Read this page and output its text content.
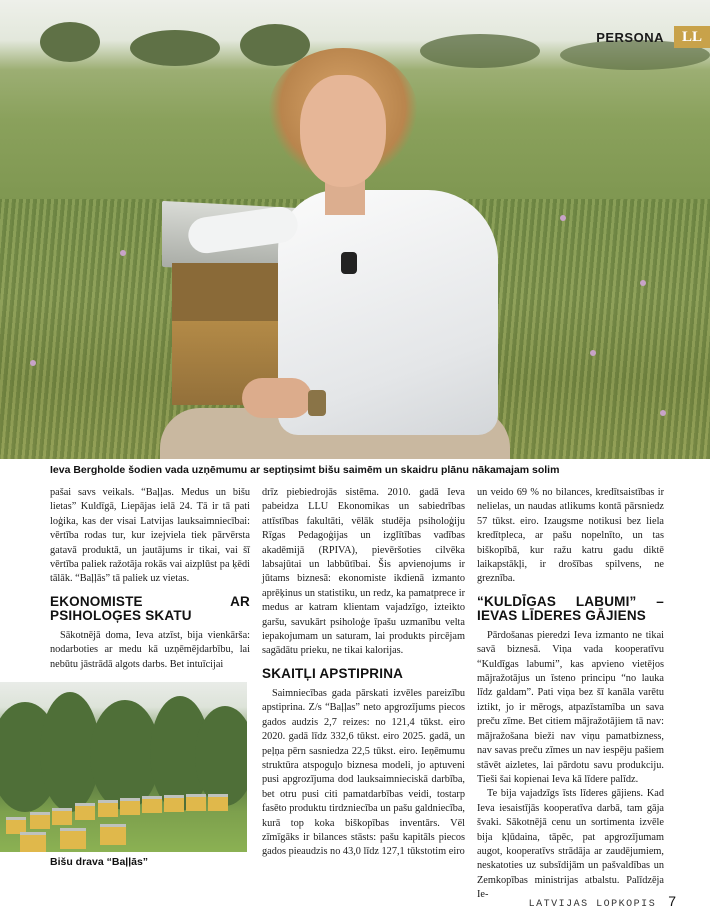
PERSONA	LL
Ieva Bergholde šodien vada uzņēmumu ar septiņsimt bišu saimēm un skaidru plānu nākamajam solim

pašai savs veikals. “Baļļas. Medus un bišu lietas” Kuldīgā, Liepājas ielā 24. Tā ir tā pati loģika, kas der visai Latvijas lauksaimniecībai: vērtība rodas tur, kur izejviela tiek pārvērsta gatavā produktā, un jautājums ir tikai, vai šī vērtība paliek ražotāja rokās vai aizplūst pa ķēdi tālāk. “Baļļās” tā paliek uz vietas.

EKONOMISTE AR PSIHOLOĢES SKATU

Sākotnējā doma, Ieva atzīst, bija vienkārša: nodarboties ar medu kā uzņēmējdarbību, lai nebūtu jāstrādā algots darbs. Bet intuīcijai

Bišu drava “Baļļās”

drīz piebiedrojās sistēma. 2010. gadā Ieva pabeidza LLU Ekonomikas un sabiedrības attīstības fakultāti, vēlāk studēja psiholoģiju Rīgas Pedagoģijas un izglītības vadības akadēmijā (RPIVA), pievēršoties cilvēka labsajūtai un labbūtībai. Šis apvienojums ir jūtams biznesā: ekonomiste ikdienā izmanto aprēķinus un statistiku, un redz, ka pamatprece ir medus ar katram klientam vajadzīgo, izteikto garšu, savukārt psiholoģe īpašu uzmanību velta iepakojumam un saturam, lai produkts pircējam sagādātu prieku, ne tikai kalorijas.

SKAITĻI APSTIPRINA

Saimniecības gada pārskati izvēles pareizību apstiprina. Z/s “Baļļas” neto apgrozījums piecos gados audzis 2,7 reizes: no 121,4 tūkst. eiro 2020. gadā līdz 332,6 tūkst. eiro 2025. gadā, un peļņa pērn sasniedza 22,5 tūkst. eiro. Ieņēmumu struktūra atspoguļo biznesa modeli, jo aptuveni pusi apgrozījuma dod lauksaimnieciskā darbība, bet otru pusi citi pamatdarbības veidi, tostarp fasēto produktu tirdzniecība un pašu galdniecība, kurā top koka biškopības inventārs. Vēl zīmīgāks ir bilances stāsts: pašu kapitāls piecos gados pieaudzis no 43,0 līdz 127,1 tūkstotim eiro

un veido 69 % no bilances, kredītsaistības ir nelielas, un naudas atlikums kontā pārsniedz 57 tūkst. eiro. Izaugsme notikusi bez liela kredītpleca, ar pašu nopelnīto, un tas biškopībā, kur ražu katru gadu diktē laikapstākļi, ir drošības spilvens, ne greznība.

“KULDĪGAS LABUMI” – IEVAS LĪDERES GĀJIENS

Pārdošanas pieredzi Ieva izmanto ne tikai savā biznesā. Viņa vada kooperatīvu “Kuldīgas labumi”, kas apvieno vietējos mājražotājus un īsteno principu “no lauka līdz galdam”. Pati viņa bez šī kanāla varētu iztikt, jo ir mērogs, atpazīstamība un sava preču zīme. Bet citiem mājražotājiem tā nav: mājražošana bieži nav viņu pamatbizness, nav savas preču zīmes un nav iespēju pašiem stāvēt aizletes, lai pārdotu savu produkciju. Tieši šai kopienai Ieva kā līdere palīdz.

Te bija vajadzīgs īsts līderes gājiens. Kad Ieva iesaistījās kooperatīva darbā, tam gāja švaki. Sākotnējā cenu un sortimenta izvēle bija kļūdaina, tāpēc, pat apgrozījumam augot, kooperatīvs strādāja ar zaudējumiem, neskatoties uz subsīdijām un pašvaldības un Zemkopības ministrijas atbalstu. Palīdzēja Ie-

LATVIJAS LOPKOPIS 7
